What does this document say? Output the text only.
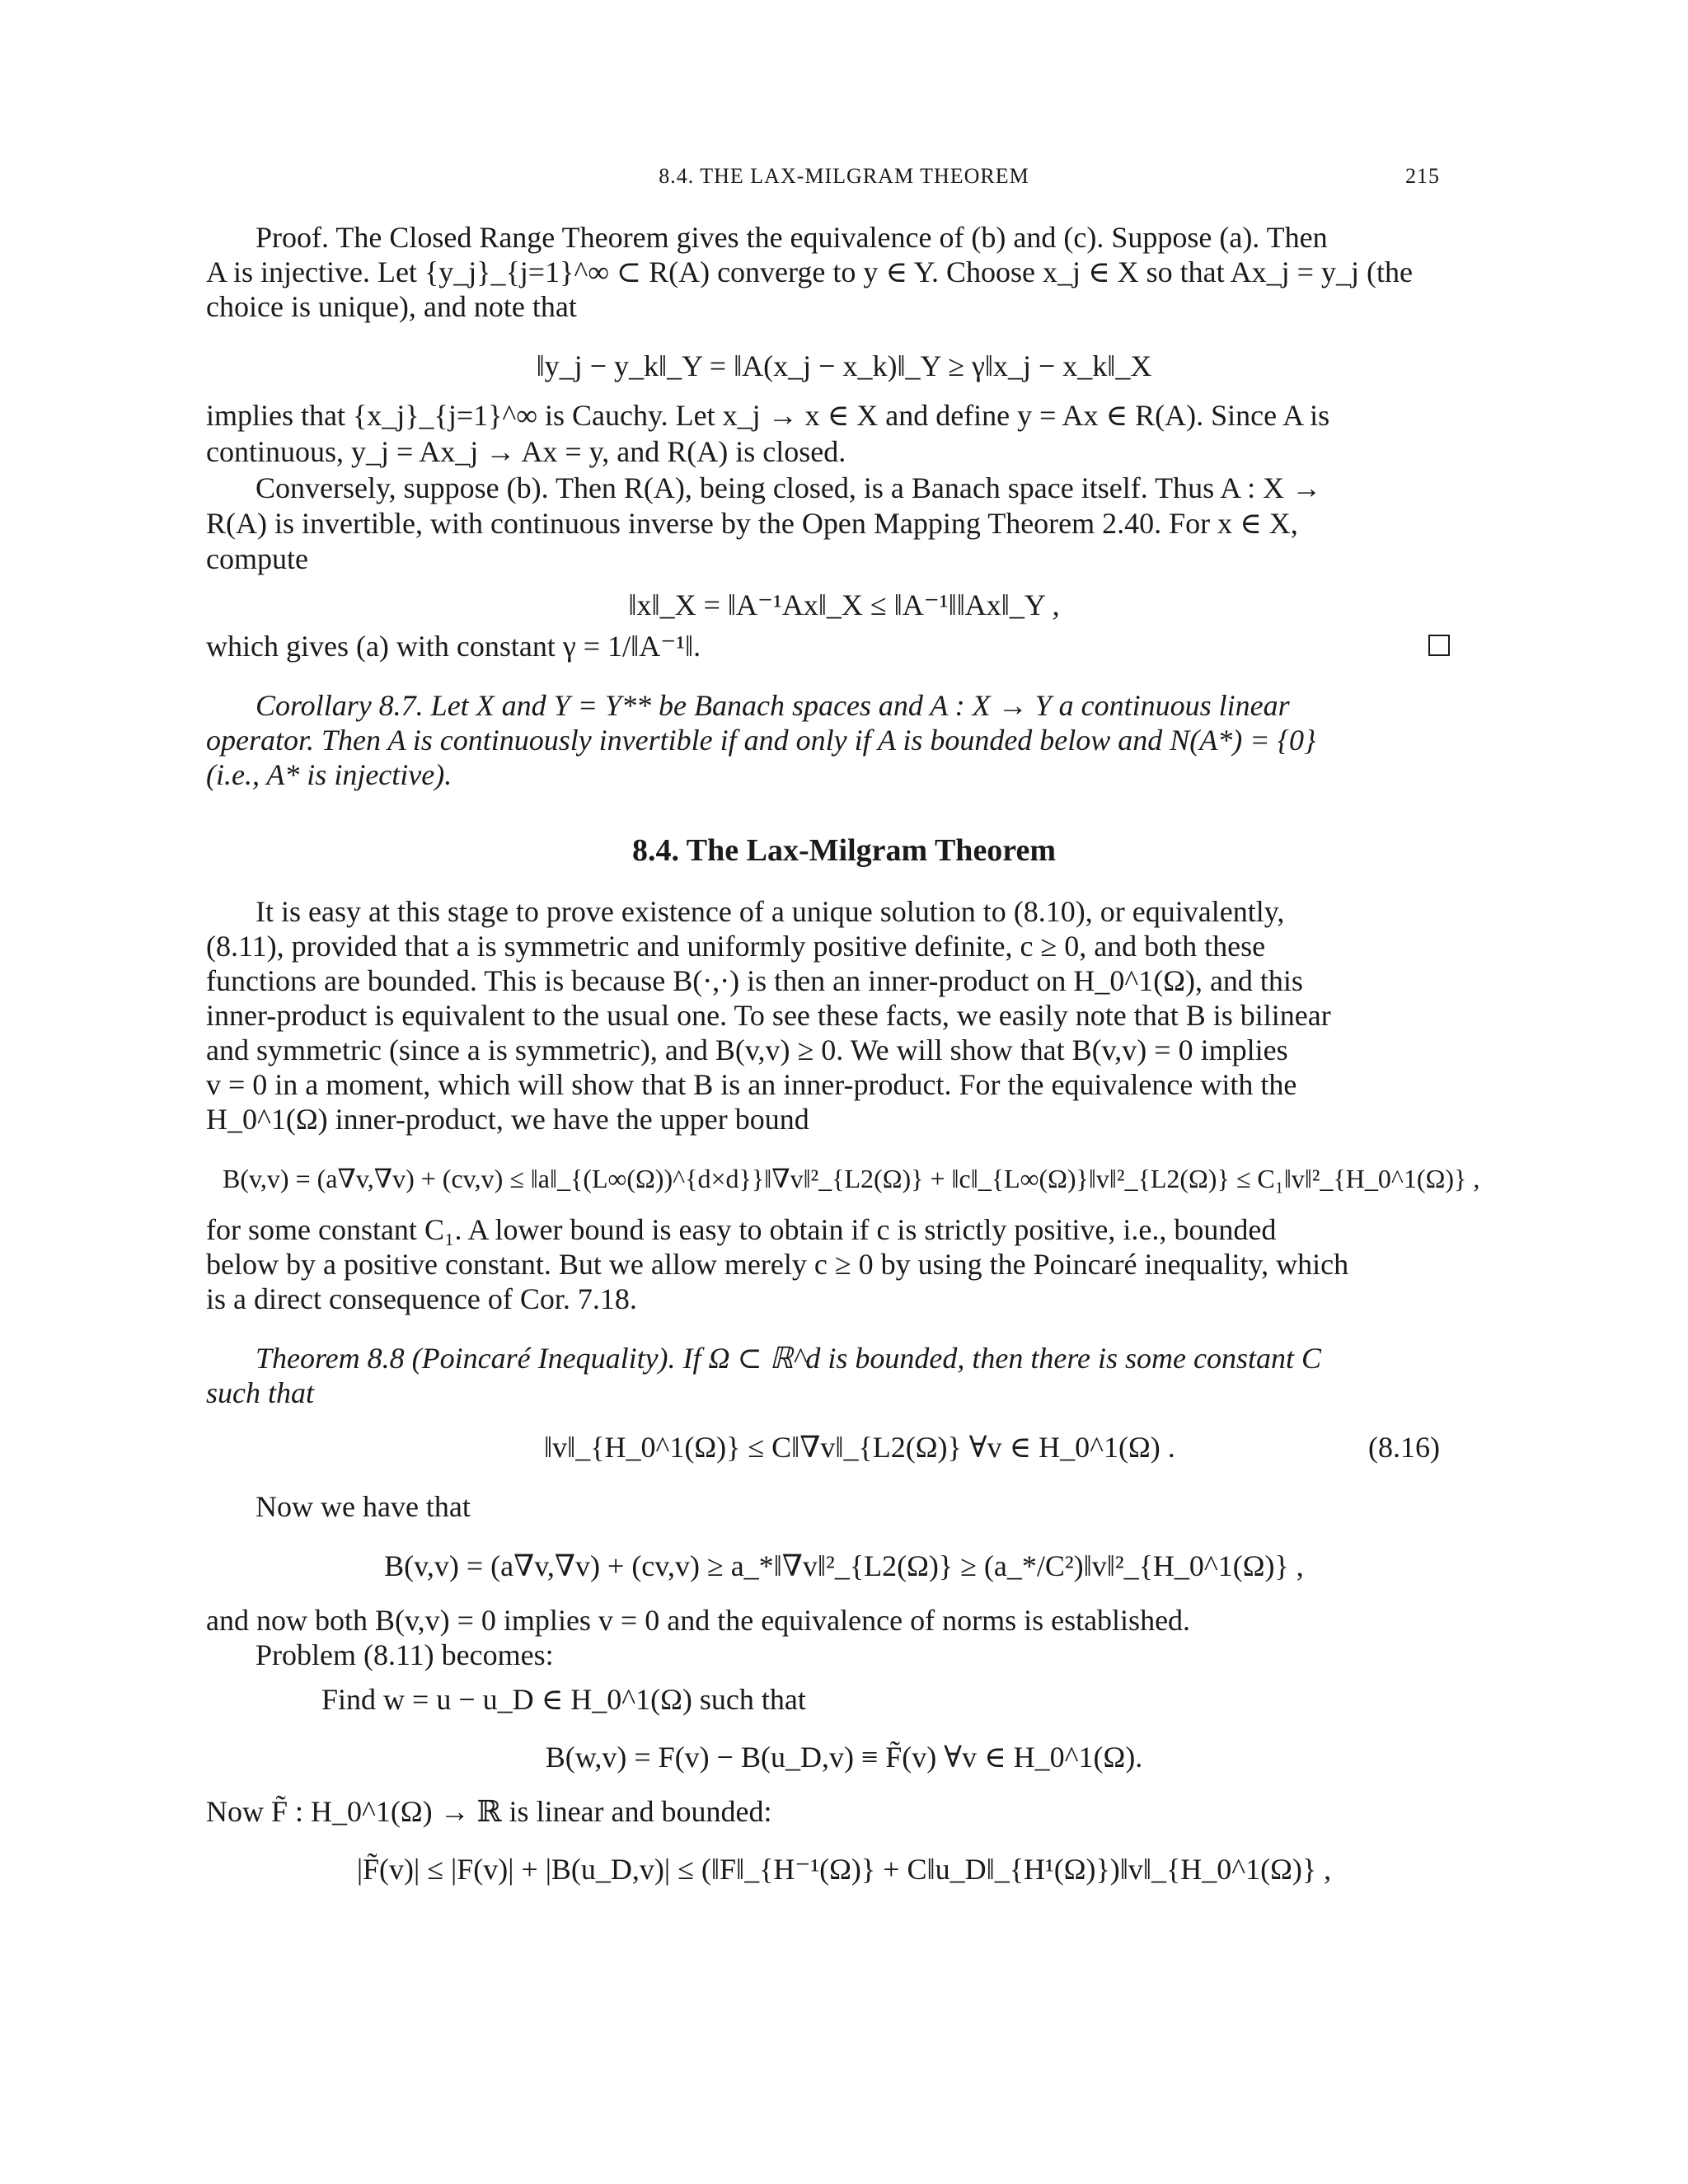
8.4. THE LAX-MILGRAM THEOREM	215
Proof. The Closed Range Theorem gives the equivalence of (b) and (c). Suppose (a). Then
A is injective. Let {y_j}_{j=1}^∞ ⊂ R(A) converge to y ∈ Y. Choose x_j ∈ X so that Ax_j = y_j (the
choice is unique), and note that
‖y_j − y_k‖_Y = ‖A(x_j − x_k)‖_Y ≥ γ‖x_j − x_k‖_X
implies that {x_j}_{j=1}^∞ is Cauchy. Let x_j → x ∈ X and define y = Ax ∈ R(A). Since A is
continuous, y_j = Ax_j → Ax = y, and R(A) is closed.
Conversely, suppose (b). Then R(A), being closed, is a Banach space itself. Thus A : X →
R(A) is invertible, with continuous inverse by the Open Mapping Theorem 2.40. For x ∈ X,
compute
‖x‖_X = ‖A⁻¹Ax‖_X ≤ ‖A⁻¹‖‖Ax‖_Y ,
which gives (a) with constant γ = 1/‖A⁻¹‖.
Corollary 8.7. Let X and Y = Y** be Banach spaces and A : X → Y a continuous linear
operator. Then A is continuously invertible if and only if A is bounded below and N(A*) = {0}
(i.e., A* is injective).
8.4. The Lax-Milgram Theorem
It is easy at this stage to prove existence of a unique solution to (8.10), or equivalently,
(8.11), provided that a is symmetric and uniformly positive definite, c ≥ 0, and both these
functions are bounded. This is because B(·,·) is then an inner-product on H_0^1(Ω), and this
inner-product is equivalent to the usual one. To see these facts, we easily note that B is bilinear
and symmetric (since a is symmetric), and B(v,v) ≥ 0. We will show that B(v,v) = 0 implies
v = 0 in a moment, which will show that B is an inner-product. For the equivalence with the
H_0^1(Ω) inner-product, we have the upper bound
B(v,v) = (a∇v,∇v) + (cv,v) ≤ ‖a‖_{(L∞(Ω))^{d×d}}‖∇v‖²_{L2(Ω)} + ‖c‖_{L∞(Ω)}‖v‖²_{L2(Ω)} ≤ C₁‖v‖²_{H_0^1(Ω)} ,
for some constant C₁. A lower bound is easy to obtain if c is strictly positive, i.e., bounded
below by a positive constant. But we allow merely c ≥ 0 by using the Poincaré inequality, which
is a direct consequence of Cor. 7.18.
Theorem 8.8 (Poincaré Inequality). If Ω ⊂ ℝ^d is bounded, then there is some constant C
such that
‖v‖_{H_0^1(Ω)} ≤ C‖∇v‖_{L2(Ω)} ∀v ∈ H_0^1(Ω) .	(8.16)
Now we have that
B(v,v) = (a∇v,∇v) + (cv,v) ≥ a_*‖∇v‖²_{L2(Ω)} ≥ (a_*/C²)‖v‖²_{H_0^1(Ω)} ,
and now both B(v,v) = 0 implies v = 0 and the equivalence of norms is established.
Problem (8.11) becomes:
Find w = u − u_D ∈ H_0^1(Ω) such that
B(w,v) = F(v) − B(u_D,v) ≡ F̃(v) ∀v ∈ H_0^1(Ω).
Now F̃ : H_0^1(Ω) → ℝ is linear and bounded:
|F̃(v)| ≤ |F(v)| + |B(u_D,v)| ≤ (‖F‖_{H⁻¹(Ω)} + C‖u_D‖_{H¹(Ω)})‖v‖_{H_0^1(Ω)} ,
